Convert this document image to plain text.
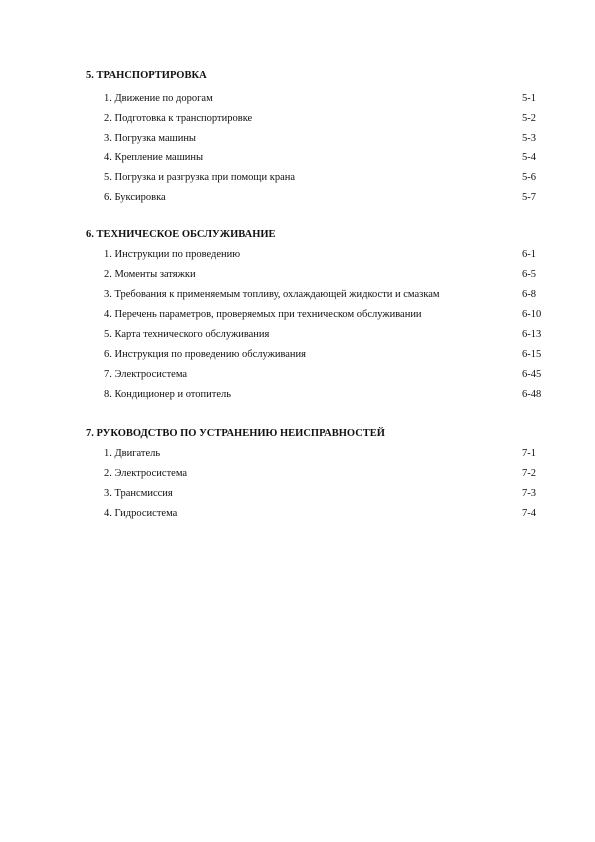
5. ТРАНСПОРТИРОВКА
1. Движение по дорогам	5-1
2. Подготовка к транспортировке	5-2
3. Погрузка машины	5-3
4. Крепление машины	5-4
5. Погрузка и разгрузка при помощи крана	5-6
6. Буксировка	5-7
6. ТЕХНИЧЕСКОЕ ОБСЛУЖИВАНИЕ
1. Инструкции по проведению	6-1
2. Моменты затяжки	6-5
3. Требования к применяемым топливу, охлаждающей жидкости и смазкам	6-8
4. Перечень параметров, проверяемых при техническом обслуживании	6-10
5. Карта технического обслуживания	6-13
6. Инструкция по проведению обслуживания	6-15
7. Электросистема	6-45
8. Кондиционер и отопитель	6-48
7. РУКОВОДСТВО ПО УСТРАНЕНИЮ НЕИСПРАВНОСТЕЙ
1. Двигатель	7-1
2. Электросистема	7-2
3. Трансмиссия	7-3
4. Гидросистема	7-4
